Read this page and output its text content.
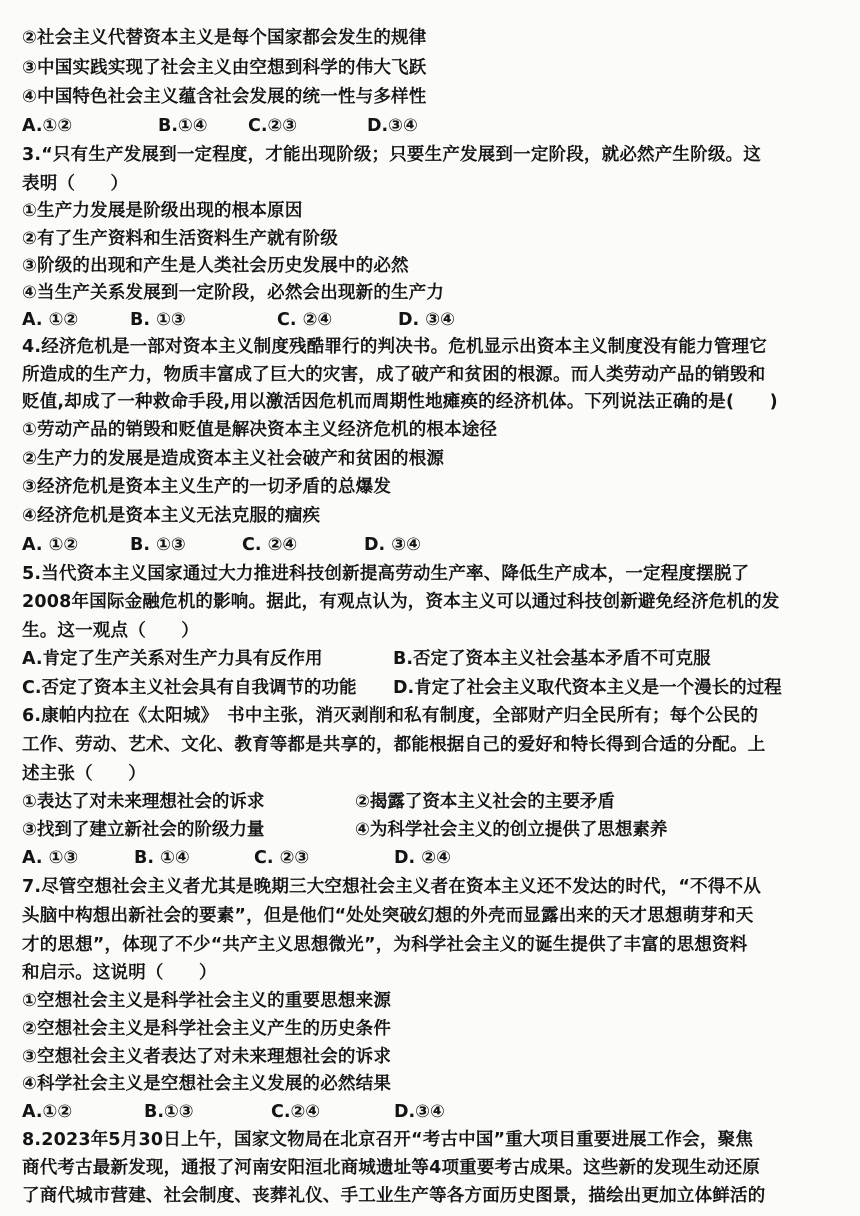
②社会主义代替资本主义是每个国家都会发生的规律
③中国实践实现了社会主义由空想到科学的伟大飞跃
④中国特色社会主义蕴含社会发展的统一性与多样性
A.①②	B.①④ C.②③	D.③④
3.“只有生产发展到一定程度，才能出现阶级；只要生产发展到一定阶段，就必然产生阶级。这
表明（　　）
①生产力发展是阶级出现的根本原因
②有了生产资料和生活资料生产就有阶级
③阶级的出现和产生是人类社会历史发展中的必然
④当生产关系发展到一定阶段，必然会出现新的生产力
A. ①②	B. ①③	C. ②④	D. ③④
4.经济危机是一部对资本主义制度残酷罪行的判决书。危机显示出资本主义制度没有能力管理它
所造成的生产力，物质丰富成了巨大的灾害，成了破产和贫困的根源。而人类劳动产品的销毁和
贬值,却成了一种救命手段,用以激活因危机而周期性地瘫痪的经济机体。下列说法正确的是(　　)
①劳动产品的销毁和贬值是解决资本主义经济危机的根本途径
②生产力的发展是造成资本主义社会破产和贫困的根源
③经济危机是资本主义生产的一切矛盾的总爆发
④经济危机是资本主义无法克服的痼疾
A. ①②	B. ①③	C. ②④	D. ③④
5.当代资本主义国家通过大力推进科技创新提高劳动生产率、降低生产成本，一定程度摆脱了
2008年国际金融危机的影响。据此，有观点认为，资本主义可以通过科技创新避免经济危机的发
生。这一观点（　　）
A.肯定了生产关系对生产力具有反作用	B.否定了资本主义社会基本矛盾不可克服
C.否定了资本主义社会具有自我调节的功能 D.肯定了社会主义取代资本主义是一个漫长的过程
6.康帕内拉在《太阳城》　书中主张，消灭剥削和私有制度，全部财产归全民所有；每个公民的
工作、劳动、艺术、文化、教育等都是共享的，都能根据自己的爱好和特长得到合适的分配。上
述主张（　　）
①表达了对未来理想社会的诉求	②揭露了资本主义社会的主要矛盾
③找到了建立新社会的阶级力量	④为科学社会主义的创立提供了思想素养
A. ①③	B. ①④	C. ②③	D. ②④
7.尽管空想社会主义者尤其是晚期三大空想社会主义者在资本主义还不发达的时代，“不得不从
头脑中构想出新社会的要素”，但是他们“处处突破幻想的外壳而显露出来的天才思想萌芽和天
才的思想”，体现了不少“共产主义思想微光”，为科学社会主义的诞生提供了丰富的思想资料
和启示。这说明（　　）
①空想社会主义是科学社会主义的重要思想来源
②空想社会主义是科学社会主义产生的历史条件
③空想社会主义者表达了对未来理想社会的诉求
④科学社会主义是空想社会主义发展的必然结果
A.①②	B.①③	C.②④	D.③④
8.2023年5月30日上午，国家文物局在北京召开“考古中国”重大项目重要进展工作会，聚焦
商代考古最新发现，通报了河南安阳洹北商城遗址等4项重要考古成果。这些新的发现生动还原
了商代城市营建、社会制度、丧葬礼仪、手工业生产等各方面历史图景，描绘出更加立体鲜活的
